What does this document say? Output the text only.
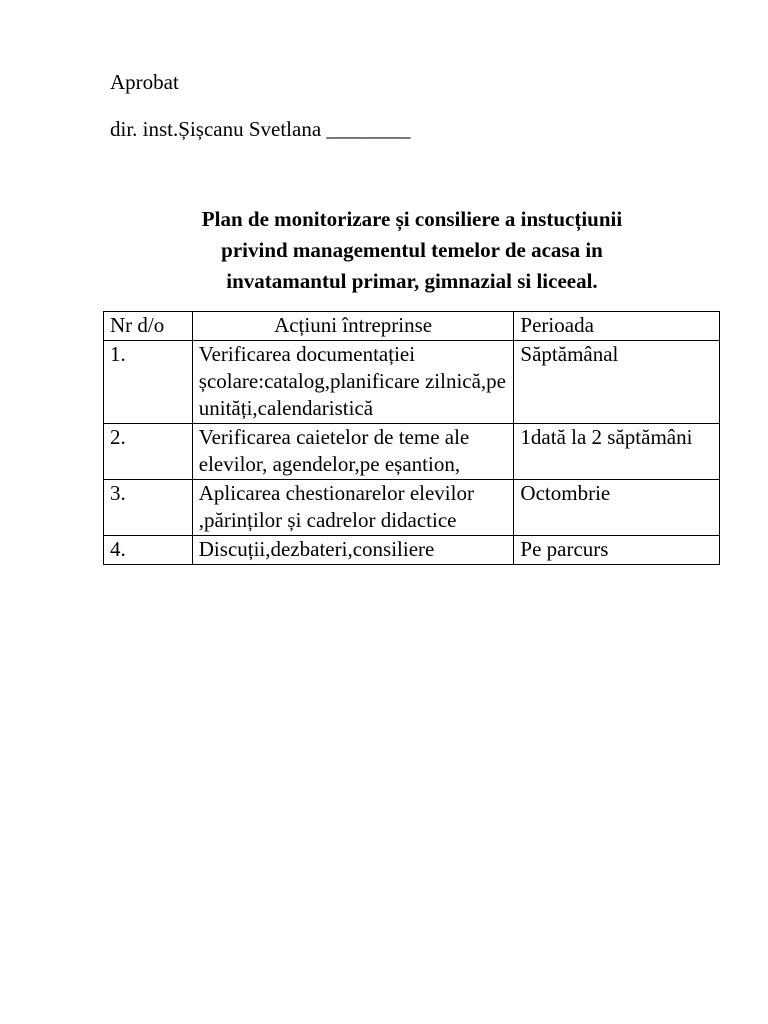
Aprobat
dir. inst.Șișcanu Svetlana ________
Plan de monitorizare și consiliere a instucțiunii
privind managementul temelor de acasa in
invatamantul primar, gimnazial si liceeal.
Nr d/o	Acțiuni întreprinse	Perioada
1.	Verificarea documentației școlare:catalog,planificare zilnică,pe unități,calendaristică	Săptămânal
2.	Verificarea caietelor de teme ale elevilor, agendelor,pe eșantion,	1dată la 2 săptămâni
3.	Aplicarea chestionarelor elevilor ,părinților și cadrelor didactice	Octombrie
4.	Discuții,dezbateri,consiliere	Pe parcurs
